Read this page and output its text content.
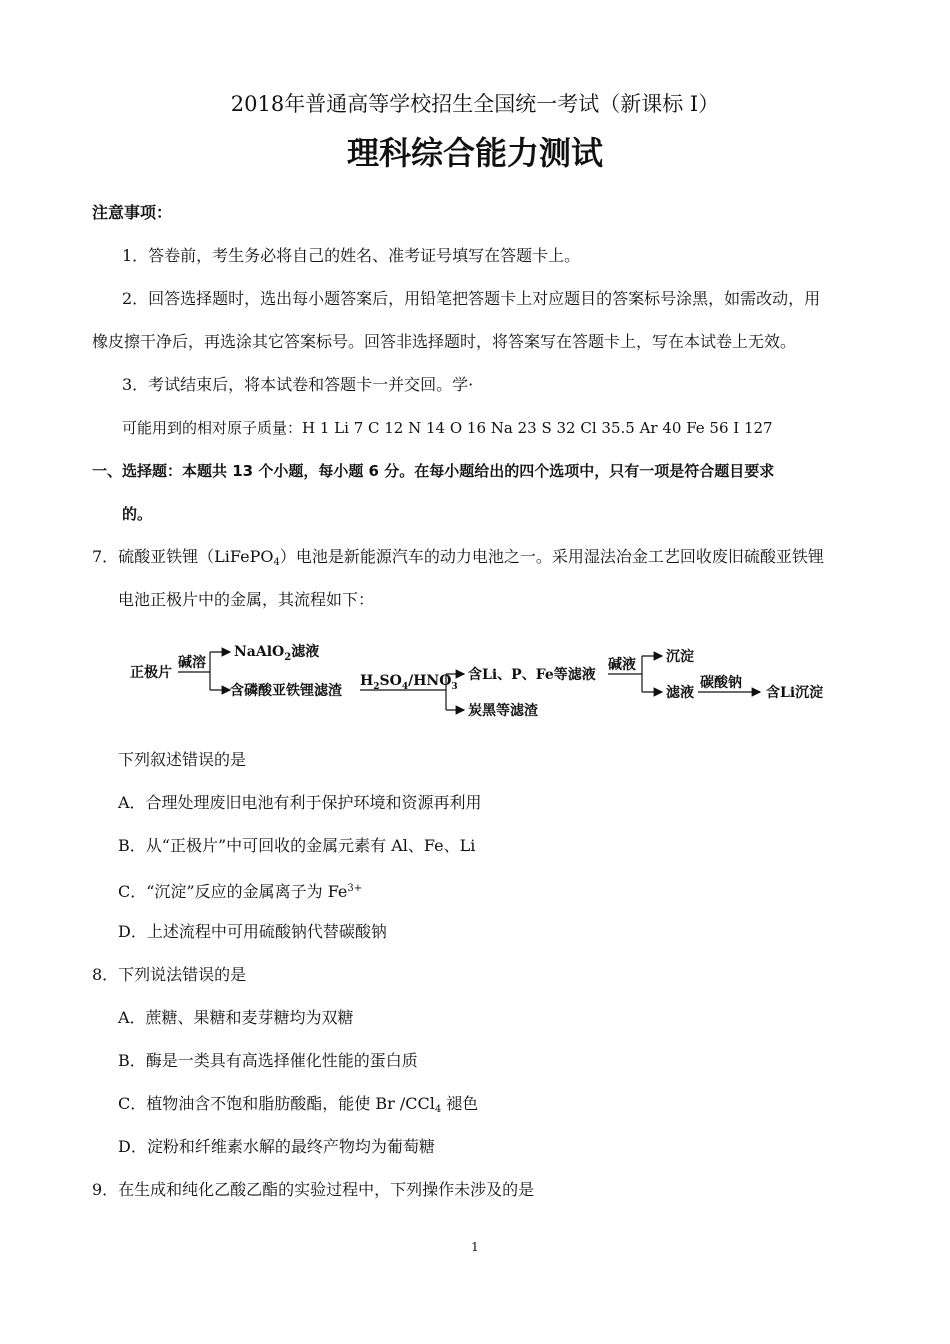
2018年普通高等学校招生全国统一考试（新课标 I）
理科综合能力测试
注意事项：
1．答卷前，考生务必将自己的姓名、准考证号填写在答题卡上。
2．回答选择题时，选出每小题答案后，用铅笔把答题卡上对应题目的答案标号涂黑，如需改动，用
橡皮擦干净后，再选涂其它答案标号。回答非选择题时，将答案写在答题卡上，写在本试卷上无效。
3．考试结束后，将本试卷和答题卡一并交回。学·
可能用到的相对原子质量：H 1 Li 7 C 12 N 14 O 16 Na 23 S 32 Cl 35.5 Ar 40 Fe 56 I 127
一、选择题：本题共 13 个小题，每小题 6 分。在每小题给出的四个选项中，只有一项是符合题目要求
的。
7．硫酸亚铁锂（LiFePO$_4$）电池是新能源汽车的动力电池之一。采用湿法冶金工艺回收废旧硫酸亚铁锂
电池正极片中的金属，其流程如下：
正极片
碱溶
NaAlO$_2$滤液
含磷酸亚铁锂滤渣
$H_2SO_4/HNO_3$
含Li、P、Fe等滤液
炭黑等滤渣
碱液 沉淀
滤液
碳酸钠
含Li沉淀
下列叙述错误的是
A．合理处理废旧电池有利于保护环境和资源再利用
B．从“正极片”中可回收的金属元素有 Al、Fe、Li
C．“沉淀”反应的金属离子为 $Fe^{3+}$
D．上述流程中可用硫酸钠代替碳酸钠
8．下列说法错误的是
A．蔗糖、果糖和麦芽糖均为双糖
B．酶是一类具有高选择催化性能的蛋白质
C．植物油含不饱和脂肪酸酯，能使 Br /CCl$_4$ 褪色
D．淀粉和纤维素水解的最终产物均为葡萄糖
9．在生成和纯化乙酸乙酯的实验过程中，下列操作未涉及的是
1
